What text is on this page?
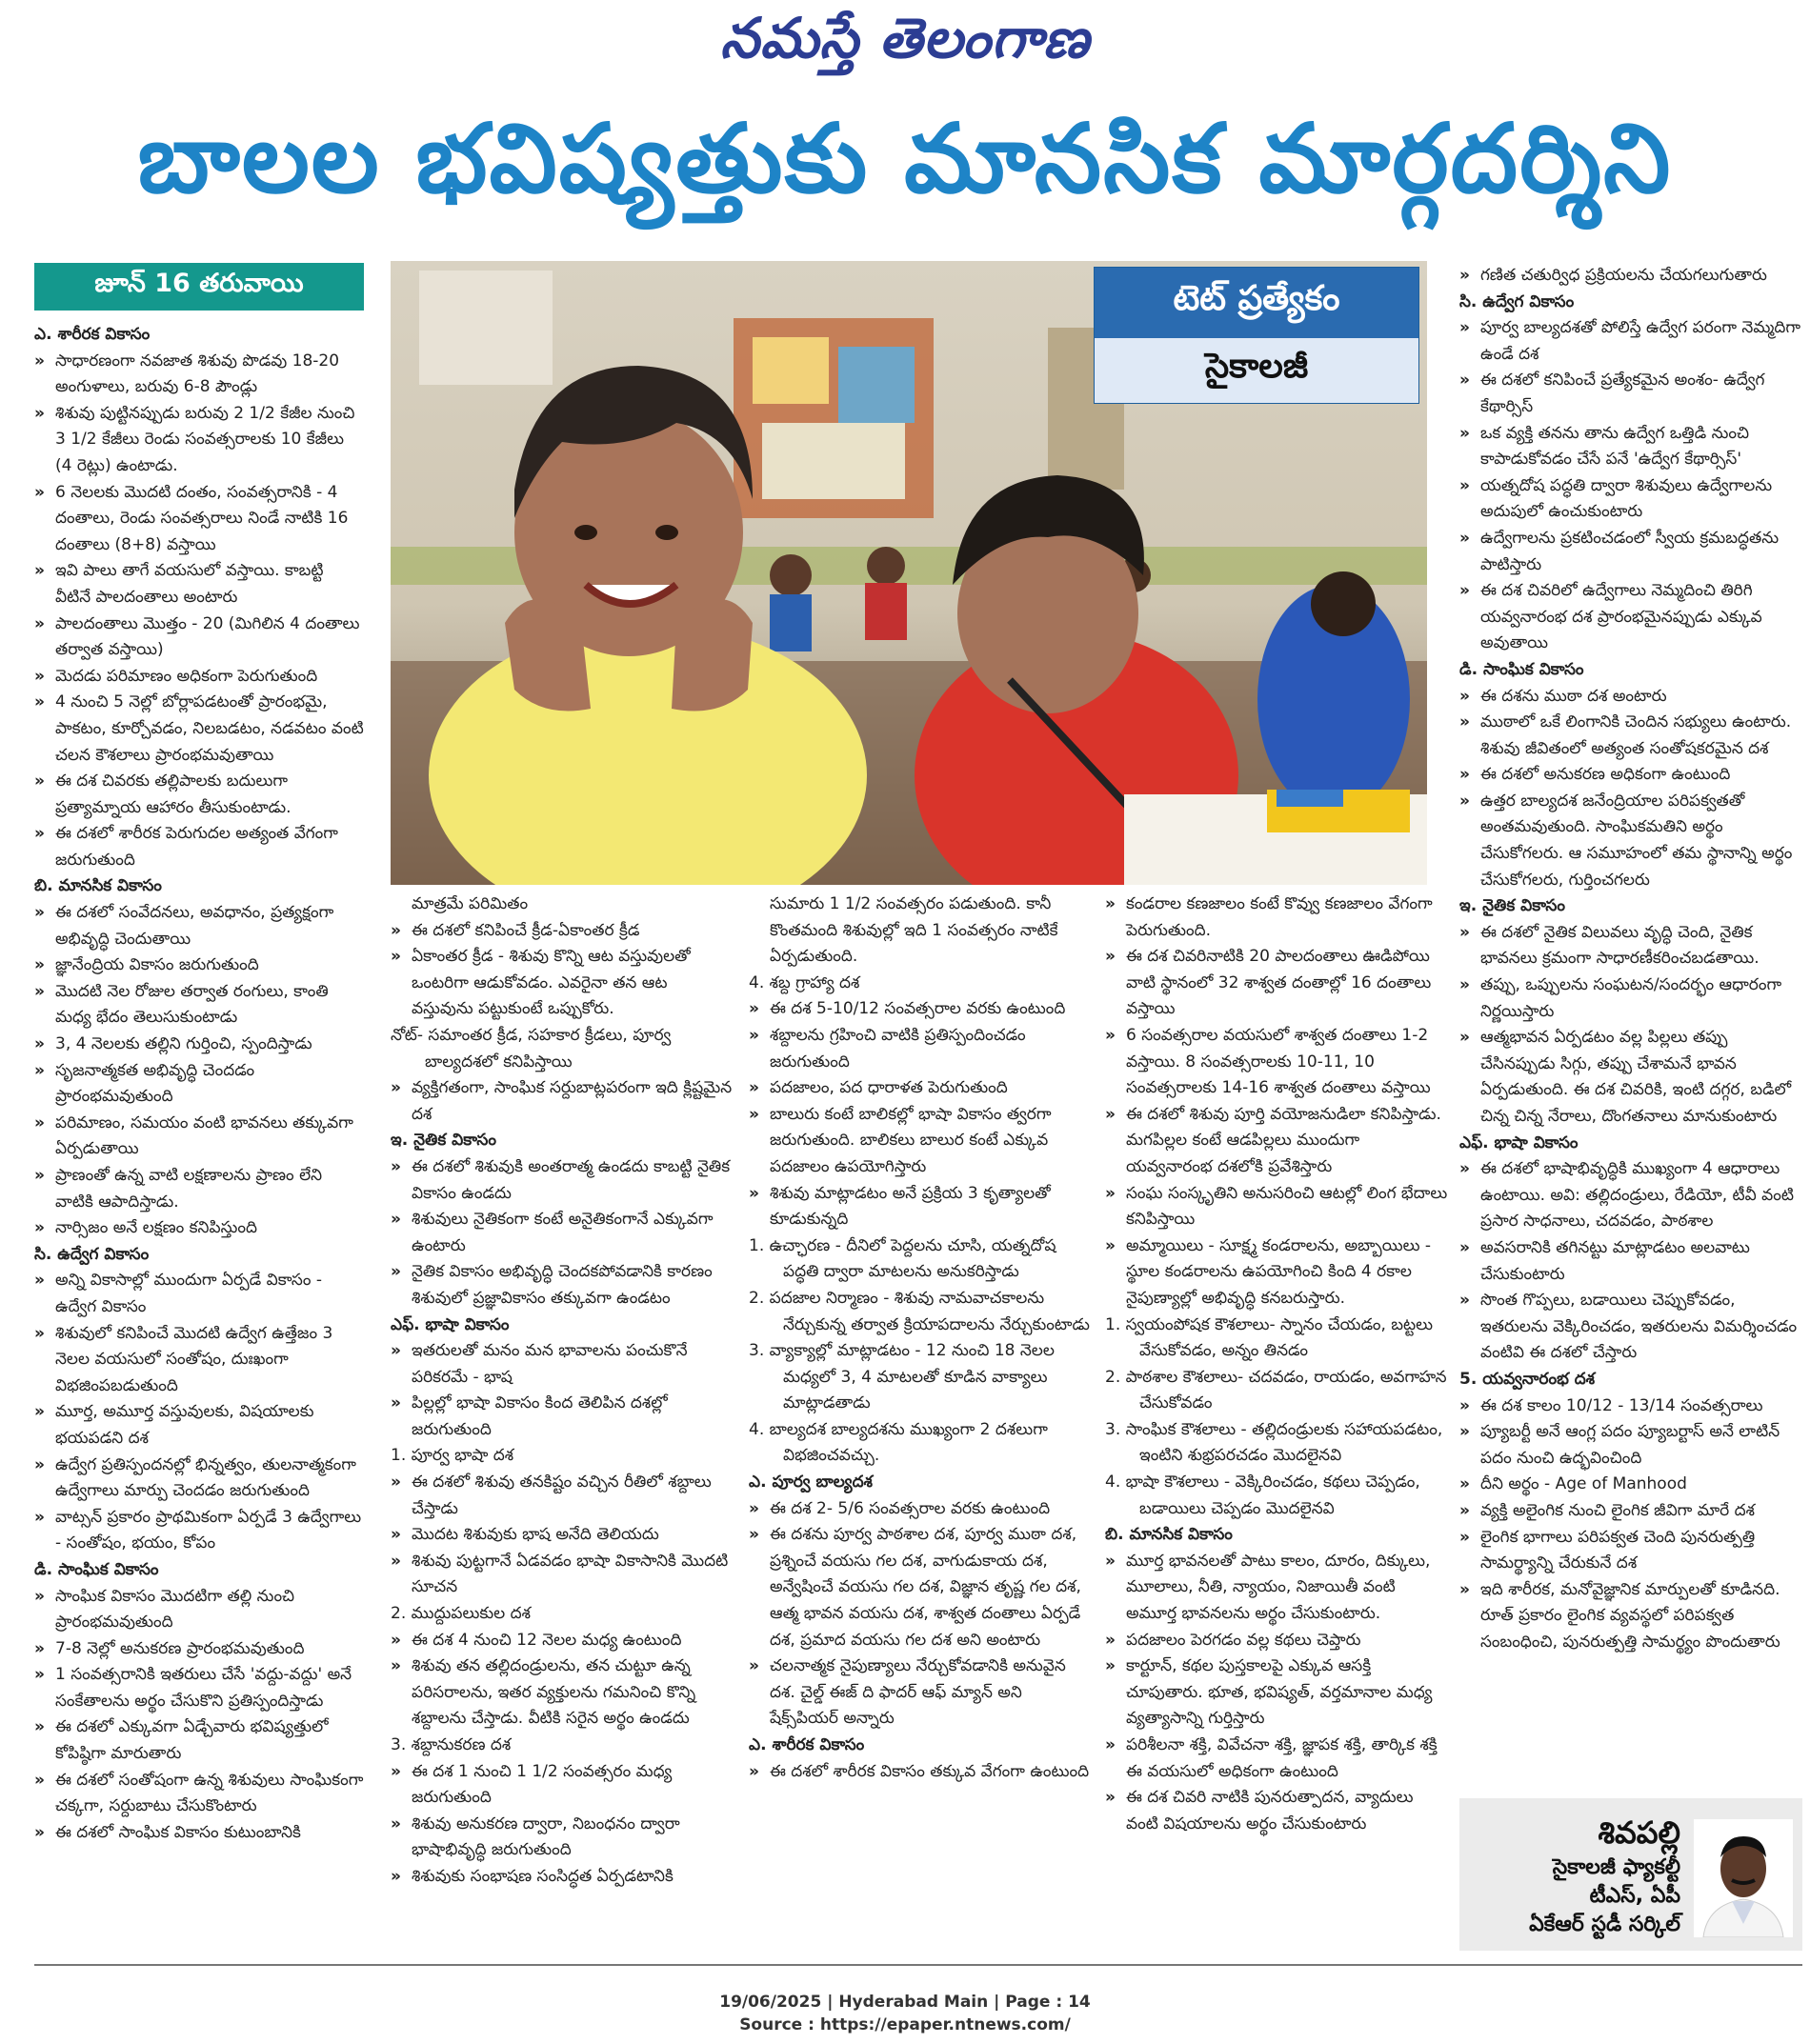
నమస్తే తెలంగాణ
బాలల భవిష్యత్తుకు మానసిక మార్గదర్శిని
జూన్ 16 తరువాయి	టెట్ ప్రత్యేకం
సైకాలజీ

ఎ. శారీరక వికాసం

» సాధారణంగా నవజాత శిశువు పొడవు 18-20 అంగుళాలు, బరువు 6-8 పౌండ్లు

» శిశువు పుట్టినప్పుడు బరువు 2 1/2 కేజీల నుంచి 3 1/2 కేజీలు రెండు సంవత్సరాలకు 10 కేజీలు (4 రెట్లు) ఉంటాడు.

» 6 నెలలకు మొదటి దంతం, సంవత్సరానికి - 4 దంతాలు, రెండు సంవత్సరాలు నిండే నాటికి 16 దంతాలు (8+8) వస్తాయి

» ఇవి పాలు తాగే వయసులో వస్తాయి. కాబట్టి వీటినే పాలదంతాలు అంటారు

» పాలదంతాలు మొత్తం - 20 (మిగిలిన 4 దంతాలు తర్వాత వస్తాయి)

» మెదడు పరిమాణం అధికంగా పెరుగుతుంది

» 4 నుంచి 5 నెల్లో బోర్లాపడటంతో ప్రారంభమై, పాకటం, కూర్చోవడం, నిలబడటం, నడవటం వంటి చలన కౌశలాలు ప్రారంభమవుతాయి

» ఈ దశ చివరకు తల్లిపాలకు బదులుగా ప్రత్యామ్నాయ ఆహారం తీసుకుంటాడు.

» ఈ దశలో శారీరక పెరుగుదల అత్యంత వేగంగా జరుగుతుంది

బి. మానసిక వికాసం

» ఈ దశలో సంవేదనలు, అవధానం, ప్రత్యక్షంగా అభివృద్ధి చెందుతాయి

» జ్ఞానేంద్రియ వికాసం జరుగుతుంది

» మొదటి నెల రోజుల తర్వాత రంగులు, కాంతి మధ్య భేదం తెలుసుకుంటాడు

» 3, 4 నెలలకు తల్లిని గుర్తించి, స్పందిస్తాడు

» సృజనాత్మకత అభివృద్ధి చెందడం ప్రారంభమవుతుంది

» పరిమాణం, సమయం వంటి భావనలు తక్కువగా ఏర్పడుతాయి

» ప్రాణంతో ఉన్న వాటి లక్షణాలను ప్రాణం లేని వాటికి ఆపాదిస్తాడు.

» నార్సిజం అనే లక్షణం కనిపిస్తుంది

సి. ఉద్వేగ వికాసం

» అన్ని వికాసాల్లో ముందుగా ఏర్పడే వికాసం - ఉద్వేగ వికాసం

» శిశువులో కనిపించే మొదటి ఉద్వేగ ఉత్తేజం 3 నెలల వయసులో సంతోషం, దుఃఖంగా విభజింపబడుతుంది

» మూర్త, అమూర్త వస్తువులకు, విషయాలకు భయపడని దశ

» ఉద్వేగ ప్రతిస్పందనల్లో భిన్నత్వం, తులనాత్మకంగా ఉద్వేగాలు మార్పు చెందడం జరుగుతుంది

» వాట్సన్ ప్రకారం ప్రాథమికంగా ఏర్పడే 3 ఉద్వేగాలు - సంతోషం, భయం, కోపం

డి. సాంఘిక వికాసం

» సాంఘిక వికాసం మొదటిగా తల్లి నుంచి ప్రారంభమవుతుంది

» 7-8 నెల్లో అనుకరణ ప్రారంభమవుతుంది

» 1 సంవత్సరానికి ఇతరులు చేసే 'వద్దు-వద్దు' అనే సంకేతాలను అర్థం చేసుకొని ప్రతిస్పందిస్తాడు

» ఈ దశలో ఎక్కువగా ఏడ్చేవారు భవిష్యత్తులో కోపిష్ఠిగా మారుతారు

» ఈ దశలో సంతోషంగా ఉన్న శిశువులు సాంఘికంగా చక్కగా, సర్దుబాటు చేసుకొంటారు

» ఈ దశలో సాంఘిక వికాసం కుటుంబానికి

మాత్రమే పరిమితం

» ఈ దశలో కనిపించే క్రీడ-ఏకాంతర క్రీడ

» ఏకాంతర క్రీడ - శిశువు కొన్ని ఆట వస్తువులతో ఒంటరిగా ఆడుకోవడం. ఎవరైనా తన ఆట వస్తువును పట్టుకుంటే ఒప్పుకోరు.

నోట్- సమాంతర క్రీడ, సహకార క్రీడలు, పూర్వ బాల్యదశలో కనిపిస్తాయి

» వ్యక్తిగతంగా, సాంఘిక సర్దుబాట్లపరంగా ఇది క్లిష్టమైన దశ

ఇ. నైతిక వికాసం

» ఈ దశలో శిశువుకి అంతరాత్మ ఉండదు కాబట్టి నైతిక వికాసం ఉండదు

» శిశువులు నైతికంగా కంటే అనైతికంగానే ఎక్కువగా ఉంటారు

» నైతిక వికాసం అభివృద్ధి చెందకపోవడానికి కారణం శిశువులో ప్రజ్ఞావికాసం తక్కువగా ఉండటం

ఎఫ్. భాషా వికాసం

» ఇతరులతో మనం మన భావాలను పంచుకొనే పరికరమే - భాష

» పిల్లల్లో భాషా వికాసం కింద తెలిపిన దశల్లో జరుగుతుంది

1. పూర్వ భాషా దశ

» ఈ దశలో శిశువు తనకిష్టం వచ్చిన రీతిలో శబ్దాలు చేస్తాడు

» మొదట శిశువుకు భాష అనేది తెలియదు

» శిశువు పుట్టగానే ఏడవడం భాషా వికాసానికి మొదటి సూచన

2. ముద్దుపలుకుల దశ

» ఈ దశ 4 నుంచి 12 నెలల మధ్య ఉంటుంది

» శిశువు తన తల్లిదండ్రులను, తన చుట్టూ ఉన్న పరిసరాలను, ఇతర వ్యక్తులను గమనించి కొన్ని శబ్దాలను చేస్తాడు. వీటికి సరైన అర్థం ఉండదు

3. శబ్దానుకరణ దశ

» ఈ దశ 1 నుంచి 1 1/2 సంవత్సరం మధ్య జరుగుతుంది

» శిశువు అనుకరణ ద్వారా, నిబంధనం ద్వారా భాషాభివృద్ధి జరుగుతుంది

» శిశువుకు సంభాషణ సంసిద్ధత ఏర్పడటానికి

సుమారు 1 1/2 సంవత్సరం పడుతుంది. కానీ కొంతమంది శిశువుల్లో ఇది 1 సంవత్సరం నాటికే ఏర్పడుతుంది.

4. శబ్ద గ్రాహ్యా దశ

» ఈ దశ 5-10/12 సంవత్సరాల వరకు ఉంటుంది

» శబ్దాలను గ్రహించి వాటికి ప్రతిస్పందించడం జరుగుతుంది

» పదజాలం, పద ధారాళత పెరుగుతుంది

» బాలురు కంటే బాలికల్లో భాషా వికాసం త్వరగా జరుగుతుంది. బాలికలు బాలుర కంటే ఎక్కువ పదజాలం ఉపయోగిస్తారు

» శిశువు మాట్లాడటం అనే ప్రక్రియ 3 కృత్యాలతో కూడుకున్నది

1. ఉచ్ఛారణ - దీనిలో పెద్దలను చూసి, యత్నదోష పద్ధతి ద్వారా మాటలను అనుకరిస్తాడు

2. పదజాల నిర్మాణం - శిశువు నామవాచకాలను నేర్చుకున్న తర్వాత క్రియాపదాలను నేర్చుకుంటాడు

3. వ్యాక్యాల్లో మాట్లాడటం - 12 నుంచి 18 నెలల మధ్యలో 3, 4 మాటలతో కూడిన వాక్యాలు మాట్లాడతాడు

4. బాల్యదశ బాల్యదశను ముఖ్యంగా 2 దశలుగా విభజించవచ్చు.

ఎ. పూర్వ బాల్యదశ

» ఈ దశ 2- 5/6 సంవత్సరాల వరకు ఉంటుంది

» ఈ దశను పూర్వ పాఠశాల దశ, పూర్వ ముఠా దశ, ప్రశ్నించే వయసు గల దశ, వాగుడుకాయ దశ, అన్వేషించే వయసు గల దశ, విజ్ఞాన తృష్ణ గల దశ, ఆత్మ భావన వయసు దశ, శాశ్వత దంతాలు ఏర్పడే దశ, ప్రమాద వయసు గల దశ అని అంటారు

» చలనాత్మక నైపుణ్యాలు నేర్చుకోవడానికి అనువైన దశ. చైల్డ్ ఈజ్ ది ఫాదర్ ఆఫ్ మ్యాన్ అని షేక్స్‌పియర్ అన్నారు

ఎ. శారీరక వికాసం

» ఈ దశలో శారీరక వికాసం తక్కువ వేగంగా ఉంటుంది

» కండరాల కణజాలం కంటే కొవ్వు కణజాలం వేగంగా పెరుగుతుంది.

» ఈ దశ చివరినాటికి 20 పాలదంతాలు ఊడిపోయి వాటి స్థానంలో 32 శాశ్వత దంతాల్లో 16 దంతాలు వస్తాయి

» 6 సంవత్సరాల వయసులో శాశ్వత దంతాలు 1-2 వస్తాయి. 8 సంవత్సరాలకు 10-11, 10 సంవత్సరాలకు 14-16 శాశ్వత దంతాలు వస్తాయి

» ఈ దశలో శిశువు పూర్తి వయోజనుడిలా కనిపిస్తాడు. మగపిల్లల కంటే ఆడపిల్లలు ముందుగా యవ్వనారంభ దశలోకి ప్రవేశిస్తారు

» సంఘ సంస్కృతిని అనుసరించి ఆటల్లో లింగ భేదాలు కనిపిస్తాయి

» అమ్మాయిలు - సూక్ష్మ కండరాలను, అబ్బాయిలు - స్థూల కండరాలను ఉపయోగించి కింది 4 రకాల నైపుణ్యాల్లో అభివృద్ధి కనబరుస్తారు.

1. స్వయంపోషక కౌశలాలు- స్నానం చేయడం, బట్టలు వేసుకోవడం, అన్నం తినడం

2. పాఠశాల కౌశలాలు- చదవడం, రాయడం, అవగాహన చేసుకోవడం

3. సాంఘిక కౌశలాలు - తల్లిదండ్రులకు సహాయపడటం, ఇంటిని శుభ్రపరచడం మొదలైనవి

4. భాషా కౌశలాలు - వెక్కిరించడం, కథలు చెప్పడం, బడాయిలు చెప్పడం మొదలైనవి

బి. మానసిక వికాసం

» మూర్త భావనలతో పాటు కాలం, దూరం, దిక్కులు, మూలాలు, నీతి, న్యాయం, నిజాయితీ వంటి అమూర్త భావనలను అర్థం చేసుకుంటారు.

» పదజాలం పెరగడం వల్ల కథలు చెప్తారు

» కార్టూన్, కథల పుస్తకాలపై ఎక్కువ ఆసక్తి చూపుతారు. భూత, భవిష్యత్, వర్తమానాల మధ్య వ్యత్యాసాన్ని గుర్తిస్తారు

» పరిశీలనా శక్తి, వివేచనా శక్తి, జ్ఞాపక శక్తి, తార్కిక శక్తి ఈ వయసులో అధికంగా ఉంటుంది

» ఈ దశ చివరి నాటికి పునరుత్పాదన, వ్యాదులు వంటి విషయాలను అర్థం చేసుకుంటారు

» గణిత చతుర్విధ ప్రక్రియలను చేయగలుగుతారు

సి. ఉద్వేగ వికాసం

» పూర్వ బాల్యదశతో పోలిస్తే ఉద్వేగ పరంగా నెమ్మదిగా ఉండే దశ

» ఈ దశలో కనిపించే ప్రత్యేకమైన అంశం- ఉద్వేగ కేథార్సిస్

» ఒక వ్యక్తి తనను తాను ఉద్వేగ ఒత్తిడి నుంచి కాపాడుకోవడం చేసే పనే 'ఉద్వేగ కేథార్సిస్'

» యత్నదోష పద్ధతి ద్వారా శిశువులు ఉద్వేగాలను అదుపులో ఉంచుకుంటారు

» ఉద్వేగాలను ప్రకటించడంలో స్వీయ క్రమబద్ధతను పాటిస్తారు

» ఈ దశ చివరిలో ఉద్వేగాలు నెమ్మదించి తిరిగి యవ్వనారంభ దశ ప్రారంభమైనప్పుడు ఎక్కువ అవుతాయి

డి. సాంఘిక వికాసం

» ఈ దశను ముఠా దశ అంటారు

» ముఠాలో ఒకే లింగానికి చెందిన సభ్యులు ఉంటారు. శిశువు జీవితంలో అత్యంత సంతోషకరమైన దశ

» ఈ దశలో అనుకరణ అధికంగా ఉంటుంది

» ఉత్తర బాల్యదశ జనేంద్రియాల పరిపక్వతతో అంతమవుతుంది. సాంఘికమతిని అర్థం చేసుకోగలరు. ఆ సమూహంలో తమ స్థానాన్ని అర్థం చేసుకోగలరు, గుర్తించగలరు

ఇ. నైతిక వికాసం

» ఈ దశలో నైతిక విలువలు వృద్ధి చెంది, నైతిక భావనలు క్రమంగా సాధారణీకరించబడతాయి.

» తప్పు, ఒప్పులను సంఘటన/సందర్భం ఆధారంగా నిర్ణయిస్తారు

» ఆత్మభావన ఏర్పడటం వల్ల పిల్లలు తప్పు చేసినప్పుడు సిగ్గు, తప్పు చేశామనే భావన ఏర్పడుతుంది. ఈ దశ చివరికి, ఇంటి దగ్గర, బడిలో చిన్న చిన్న నేరాలు, దొంగతనాలు మానుకుంటారు

ఎఫ్. భాషా వికాసం

» ఈ దశలో భాషాభివృద్ధికి ముఖ్యంగా 4 ఆధారాలు ఉంటాయి. అవి: తల్లిదండ్రులు, రేడియో, టీవీ వంటి ప్రసార సాధనాలు, చదవడం, పాఠశాల

» అవసరానికి తగినట్టు మాట్లాడటం అలవాటు చేసుకుంటారు

» సొంత గొప్పలు, బడాయిలు చెప్పుకోవడం, ఇతరులను వెక్కిరించడం, ఇతరులను విమర్శించడం వంటివి ఈ దశలో చేస్తారు

5. యవ్వనారంభ దశ

» ఈ దశ కాలం 10/12 - 13/14 సంవత్సరాలు

» ప్యూబర్టీ అనే ఆంగ్ల పదం ప్యూబర్టాస్ అనే లాటిన్ పదం నుంచి ఉద్భవించింది

» దీని అర్థం - Age of Manhood

» వ్యక్తి అలైంగిక నుంచి లైంగిక జీవిగా మారే దశ

» లైంగిక భాగాలు పరిపక్వత చెంది పునరుత్పత్తి సామర్థ్యాన్ని చేరుకునే దశ

» ఇది శారీరక, మనోవైజ్ఞానిక మార్పులతో కూడినది. రూత్ ప్రకారం లైంగిక వ్యవస్థలో పరిపక్వత సంబంధించి, పునరుత్పత్తి సామర్థ్యం పొందుతారు

శివపల్లి
సైకాలజీ ఫ్యాకల్టీ
టీఎస్, ఏపీ
ఏకేఆర్ స్టడీ సర్కిల్
19/06/2025 | Hyderabad Main | Page : 14
Source : https://epaper.ntnews.com/
